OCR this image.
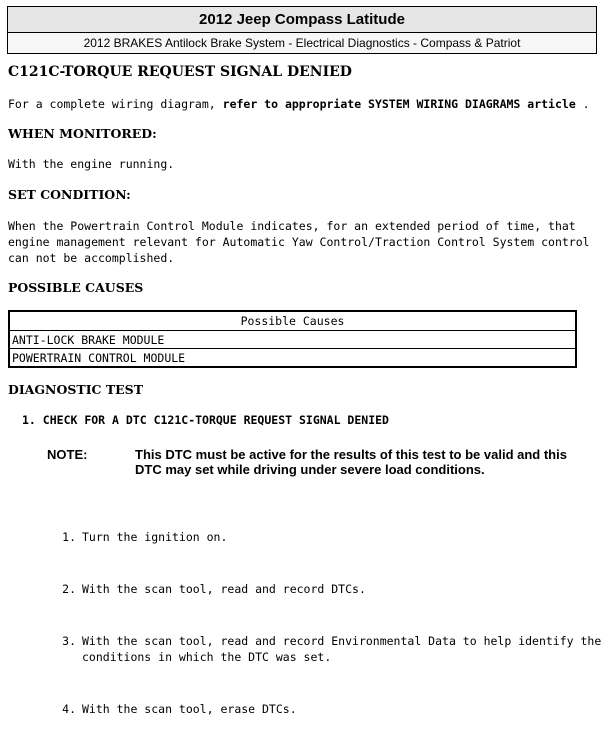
2012 Jeep Compass Latitude
2012 BRAKES Antilock Brake System - Electrical Diagnostics - Compass & Patriot
C121C-TORQUE REQUEST SIGNAL DENIED
For a complete wiring diagram, refer to appropriate SYSTEM WIRING DIAGRAMS article .
WHEN MONITORED:
With the engine running.
SET CONDITION:
When the Powertrain Control Module indicates, for an extended period of time, that
engine management relevant for Automatic Yaw Control/Traction Control System control
can not be accomplished.
POSSIBLE CAUSES
Possible Causes
ANTI-LOCK BRAKE MODULE
POWERTRAIN CONTROL MODULE
DIAGNOSTIC TEST
1. CHECK FOR A DTC C121C-TORQUE REQUEST SIGNAL DENIED
NOTE:	This DTC must be active for the results of this test to be valid and this DTC may set while driving under severe load conditions.

1. Turn the ignition on.

2. With the scan tool, read and record DTCs.

3. With the scan tool, read and record Environmental Data to help identify the
conditions in which the DTC was set.

4. With the scan tool, erase DTCs.
